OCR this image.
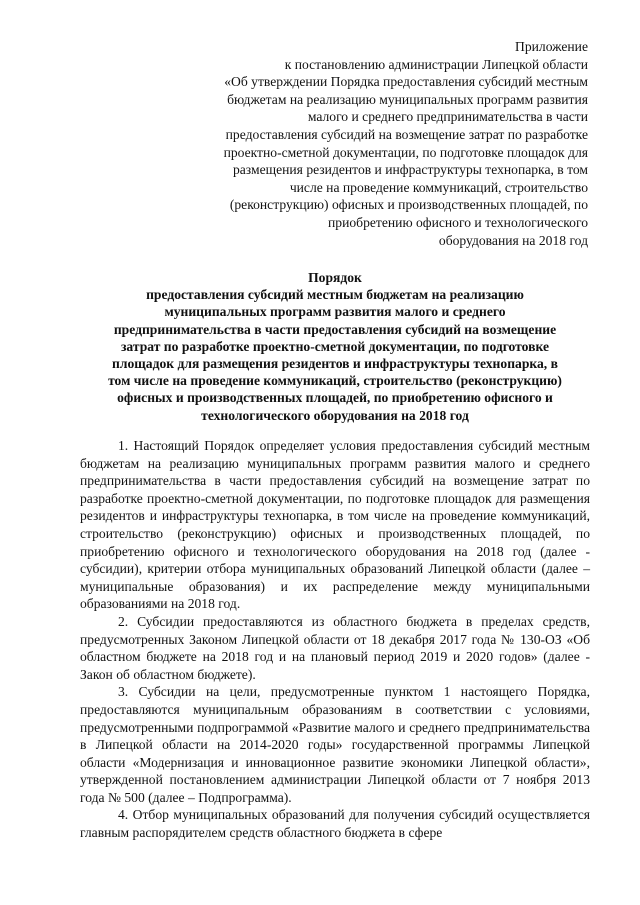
Приложение
к постановлению администрации Липецкой области
«Об утверждении Порядка предоставления субсидий местным
бюджетам на реализацию муниципальных программ развития
малого и среднего предпринимательства в части
предоставления субсидий на возмещение затрат по разработке
проектно-сметной документации, по подготовке площадок для
размещения резидентов и инфраструктуры технопарка, в том
числе на проведение коммуникаций, строительство
(реконструкцию) офисных и производственных площадей, по
приобретению офисного и технологического
оборудования на 2018 год
Порядок
предоставления субсидий местным бюджетам на реализацию
муниципальных программ развития малого и среднего
предпринимательства в части предоставления субсидий на возмещение
затрат по разработке проектно-сметной документации, по подготовке
площадок для размещения резидентов и инфраструктуры технопарка, в
том числе на проведение коммуникаций, строительство (реконструкцию)
офисных и производственных площадей, по приобретению офисного и
технологического оборудования на 2018 год

1. Настоящий Порядок определяет условия предоставления субсидий местным бюджетам на реализацию муниципальных программ развития малого и среднего предпринимательства в части предоставления субсидий на возмещение затрат по разработке проектно-сметной документации, по подготовке площадок для размещения резидентов и инфраструктуры технопарка, в том числе на проведение коммуникаций, строительство (реконструкцию) офисных и производственных площадей, по приобретению офисного и технологического оборудования на 2018 год (далее - субсидии), критерии отбора муниципальных образований Липецкой области (далее – муниципальные образования) и их распределение между муниципальными образованиями на 2018 год.

2. Субсидии предоставляются из областного бюджета в пределах средств, предусмотренных Законом Липецкой области от 18 декабря 2017 года № 130-ОЗ «Об областном бюджете на 2018 год и на плановый период 2019 и 2020 годов» (далее - Закон об областном бюджете).

3. Субсидии на цели, предусмотренные пунктом 1 настоящего Порядка, предоставляются муниципальным образованиям в соответствии с условиями, предусмотренными подпрограммой «Развитие малого и среднего предпринимательства в Липецкой области на 2014-2020 годы» государственной программы Липецкой области «Модернизация и инновационное развитие экономики Липецкой области», утвержденной постановлением администрации Липецкой области от 7 ноября 2013 года № 500 (далее – Подпрограмма).

4. Отбор муниципальных образований для получения субсидий осуществляется главным распорядителем средств областного бюджета в сфере
